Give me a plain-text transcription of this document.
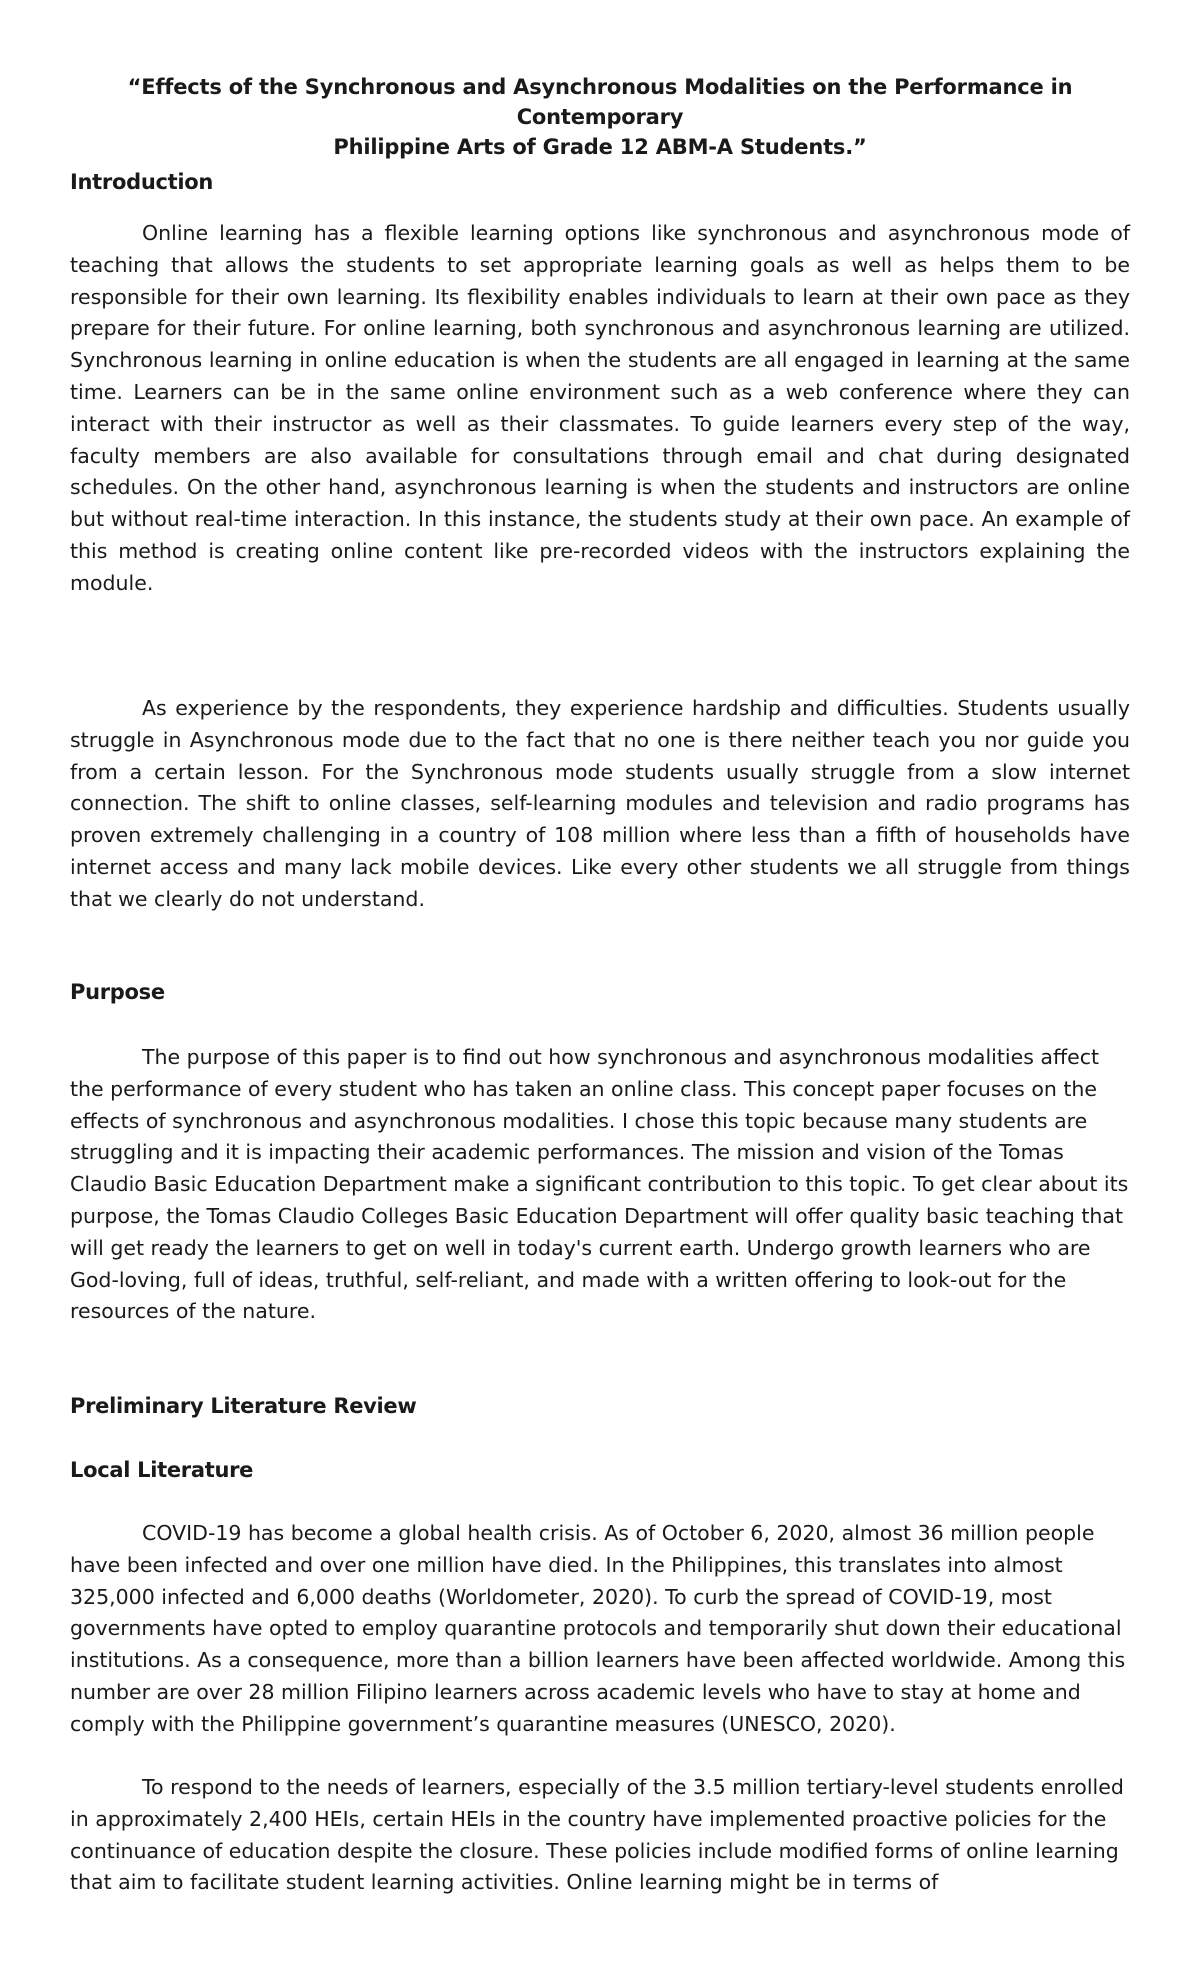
“Effects of the Synchronous and Asynchronous Modalities on the Performance in Contemporary
Philippine Arts of Grade 12 ABM-A Students.”
Introduction

Online learning has a flexible learning options like synchronous and asynchronous mode of teaching that allows the students to set appropriate learning goals as well as helps them to be responsible for their own learning. Its flexibility enables individuals to learn at their own pace as they prepare for their future. For online learning, both synchronous and asynchronous learning are utilized. Synchronous learning in online education is when the students are all engaged in learning at the same time. Learners can be in the same online environment such as a web conference where they can interact with their instructor as well as their classmates. To guide learners every step of the way, faculty members are also available for consultations through email and chat during designated schedules. On the other hand, asynchronous learning is when the students and instructors are online but without real-time interaction. In this instance, the students study at their own pace. An example of this method is creating online content like pre-recorded videos with the instructors explaining the module.

As experience by the respondents, they experience hardship and difficulties. Students usually struggle in Asynchronous mode due to the fact that no one is there neither teach you nor guide you from a certain lesson. For the Synchronous mode students usually struggle from a slow internet connection. The shift to online classes, self-learning modules and television and radio programs has proven extremely challenging in a country of 108 million where less than a fifth of households have internet access and many lack mobile devices. Like every other students we all struggle from things that we clearly do not understand.

Purpose

The purpose of this paper is to find out how synchronous and asynchronous modalities affect the performance of every student who has taken an online class. This concept paper focuses on the effects of synchronous and asynchronous modalities. I chose this topic because many students are struggling and it is impacting their academic performances. The mission and vision of the Tomas Claudio Basic Education Department make a significant contribution to this topic. To get clear about its purpose, the Tomas Claudio Colleges Basic Education Department will offer quality basic teaching that will get ready the learners to get on well in today's current earth. Undergo growth learners who are God-loving, full of ideas, truthful, self-reliant, and made with a written offering to look-out for the resources of the nature.

Preliminary Literature Review
Local Literature

COVID-19 has become a global health crisis. As of October 6, 2020, almost 36 million people have been infected and over one million have died. In the Philippines, this translates into almost 325,000 infected and 6,000 deaths (Worldometer, 2020). To curb the spread of COVID-19, most governments have opted to employ quarantine protocols and temporarily shut down their educational institutions. As a consequence, more than a billion learners have been affected worldwide. Among this number are over 28 million Filipino learners across academic levels who have to stay at home and comply with the Philippine government’s quarantine measures (UNESCO, 2020).

To respond to the needs of learners, especially of the 3.5 million tertiary-level students enrolled in approximately 2,400 HEIs, certain HEIs in the country have implemented proactive policies for the continuance of education despite the closure. These policies include modified forms of online learning that aim to facilitate student learning activities. Online learning might be in terms of
